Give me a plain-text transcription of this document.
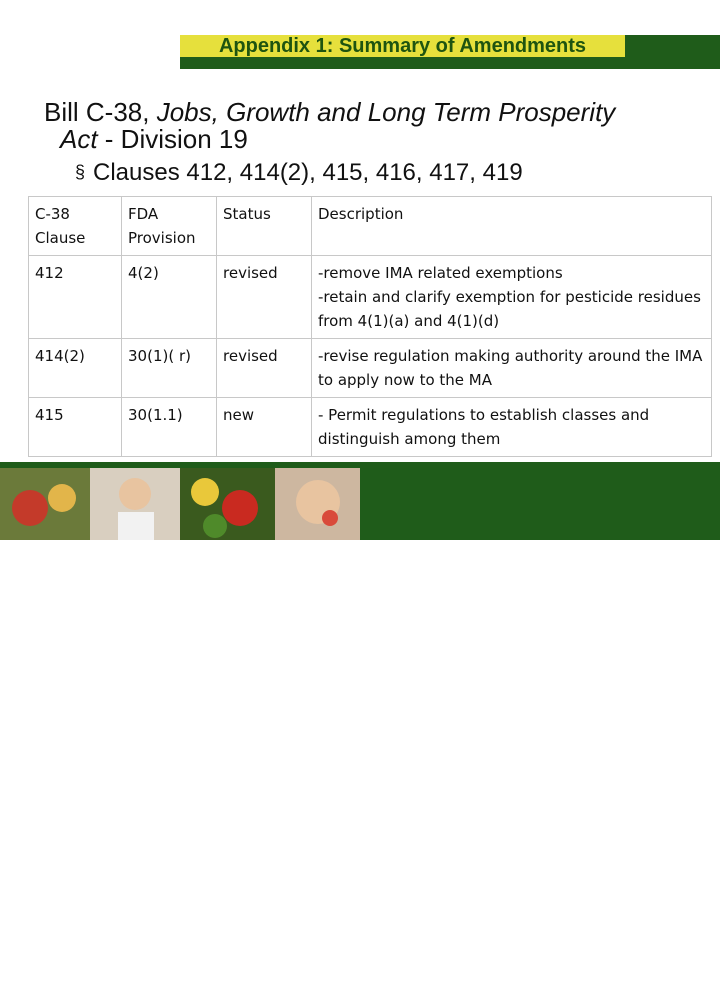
Appendix 1: Summary of Amendments
Bill C-38, Jobs, Growth and Long Term Prosperity
Act - Division 19
§ Clauses 412, 414(2), 415, 416, 417, 419
C-38 Clause	FDA Provision	Status	Description
412	4(2)	revised	-remove IMA related exemptions
-retain and clarify exemption for pesticide residues from 4(1)(a) and 4(1)(d)

414(2)	30(1)( r)	revised	-revise regulation making authority around the IMA to apply now to the MA

415	30(1.1)	new	- Permit regulations to establish classes and distinguish among them
18
18
